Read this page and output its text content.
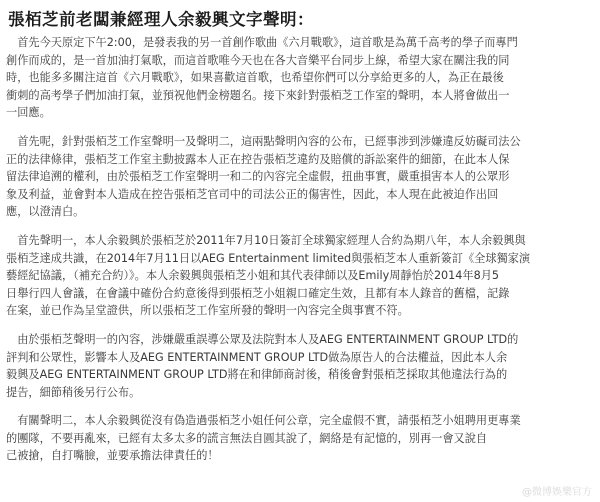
張栢芝前老闆兼經理人余毅興文字聲明：
　首先今天原定下午2:00，是發表我的另一首創作歌曲《六月戰歌》，這首歌是為萬千高考的學子而專門
創作而成的，是一首加油打氣歌，而這首歌唯今天也在各大音樂平台同步上線，希望大家在關注我的同
時，也能多多關注這首《六月戰歌》，如果喜歡這首歌，也希望你們可以分享給更多的人，為正在最後
衝刺的高考學子們加油打氣，並預祝他們金榜題名。接下來針對張栢芝工作室的聲明，本人將會做出一
一回應。
　首先呢，針對張栢芝工作室聲明一及聲明二，這兩點聲明內容的公布，已經事涉到涉嫌違反妨礙司法公
正的法律條律，張栢芝工作室主動披露本人正在控告張栢芝違約及賠償的訴訟案件的細節，在此本人保
留法律追溯的權利，由於張栢芝工作室聲明一和二的內容完全虛假，扭曲事實，嚴重損害本人的公眾形
象及利益，並會對本人造成在控告張栢芝官司中的司法公正的傷害性，因此，本人現在此被迫作出回
應，以澄清白。
　首先聲明一，本人余毅興於張栢芝於2011年7月10日簽訂全球獨家經理人合約為期八年，本人余毅興與
張栢芝達成共識，在2014年7月11日以AEG Entertainment limited與張栢芝本人重新簽訂《全球獨家演
藝經紀協議，（補充合約）》。本人余毅興與張栢芝小姐和其代表律師以及Emily周靜怡於2014年8月5
日舉行四人會議，在會議中確份合約意後得到張栢芝小姐親口確定生效，且都有本人錄音的舊檔，記錄
在案，並已作為呈堂證供，所以張栢芝工作室所發的聲明一內容完全與事實不符。
　由於張栢芝聲明一的內容，涉嫌嚴重誤導公眾及法院對本人及AEG ENTERTAINMENT GROUP LTD的
評判和公眾性，影響本人及AEG ENTERTAINMENT GROUP LTD做為原告人的合法權益，因此本人余
毅興及AEG ENTERTAINMENT GROUP LTD將在和律師商討後，稍後會對張栢芝採取其他違法行為的
提告，細節稍後另行公布。
　有關聲明二，本人余毅興從沒有偽造過張栢芝小姐任何公章，完全虛假不實，請張栢芝小姐聘用更專業
的團隊，不要再亂來，已經有太多太多的謊言無法自圓其說了，網絡是有記憶的，別再一會又說自
己被搶，自打嘴臉，並要承擔法律責任的！
@微博娛樂官方
